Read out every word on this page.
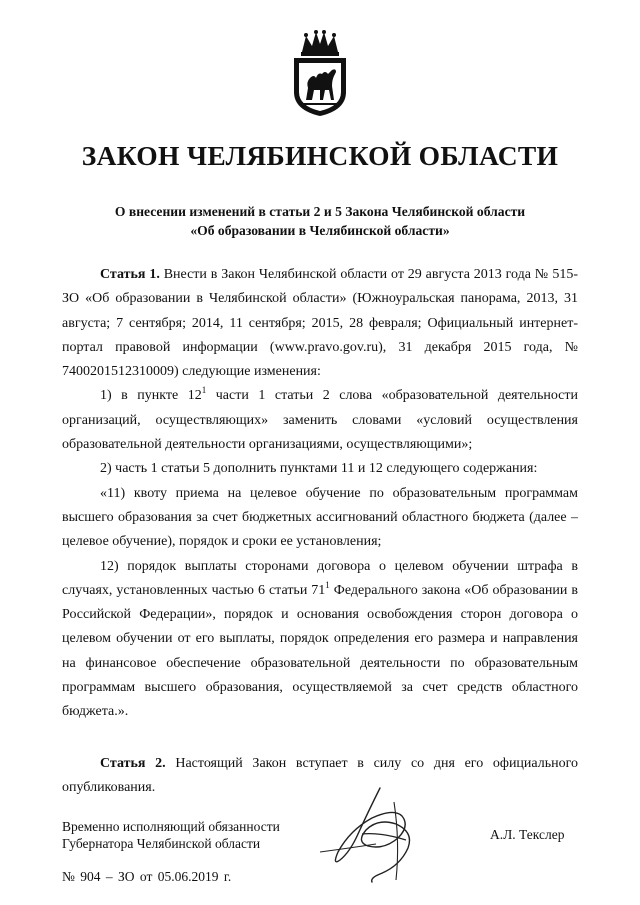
ЗАКОН ЧЕЛЯБИНСКОЙ ОБЛАСТИ
О внесении изменений в статьи 2 и 5 Закона Челябинской области
«Об образовании в Челябинской области»

Статья 1. Внести в Закон Челябинской области от 29 августа 2013 года № 515-ЗО «Об образовании в Челябинской области» (Южноуральская панорама, 2013, 31 августа; 7 сентября; 2014, 11 сентября; 2015, 28 февраля; Официальный интернет-портал правовой информации (www.pravo.gov.ru), 31 декабря 2015 года, № 7400201512310009) следующие изменения:

1) в пункте $12^1$ части 1 статьи 2 слова «образовательной деятельности организаций, осуществляющих» заменить словами «условий осуществления образовательной деятельности организациями, осуществляющими»;

2) часть 1 статьи 5 дополнить пунктами 11 и 12 следующего содержания:

«11) квоту приема на целевое обучение по образовательным программам высшего образования за счет бюджетных ассигнований областного бюджета (далее – целевое обучение), порядок и сроки ее установления;

12) порядок выплаты сторонами договора о целевом обучении штрафа в случаях, установленных частью 6 статьи $71^1$ Федерального закона «Об образовании в Российской Федерации», порядок и основания освобождения сторон договора о целевом обучении от его выплаты, порядок определения его размера и направления на финансовое обеспечение образовательной деятельности по образовательным программам высшего образования, осуществляемой за счет средств областного бюджета.».

Статья 2. Настоящий Закон вступает в силу со дня его официального опубликования.

Временно исполняющий обязанности
Губернатора Челябинской области
А.Л. Текслер
№ 904 – ЗО от 05.06.2019 г.
